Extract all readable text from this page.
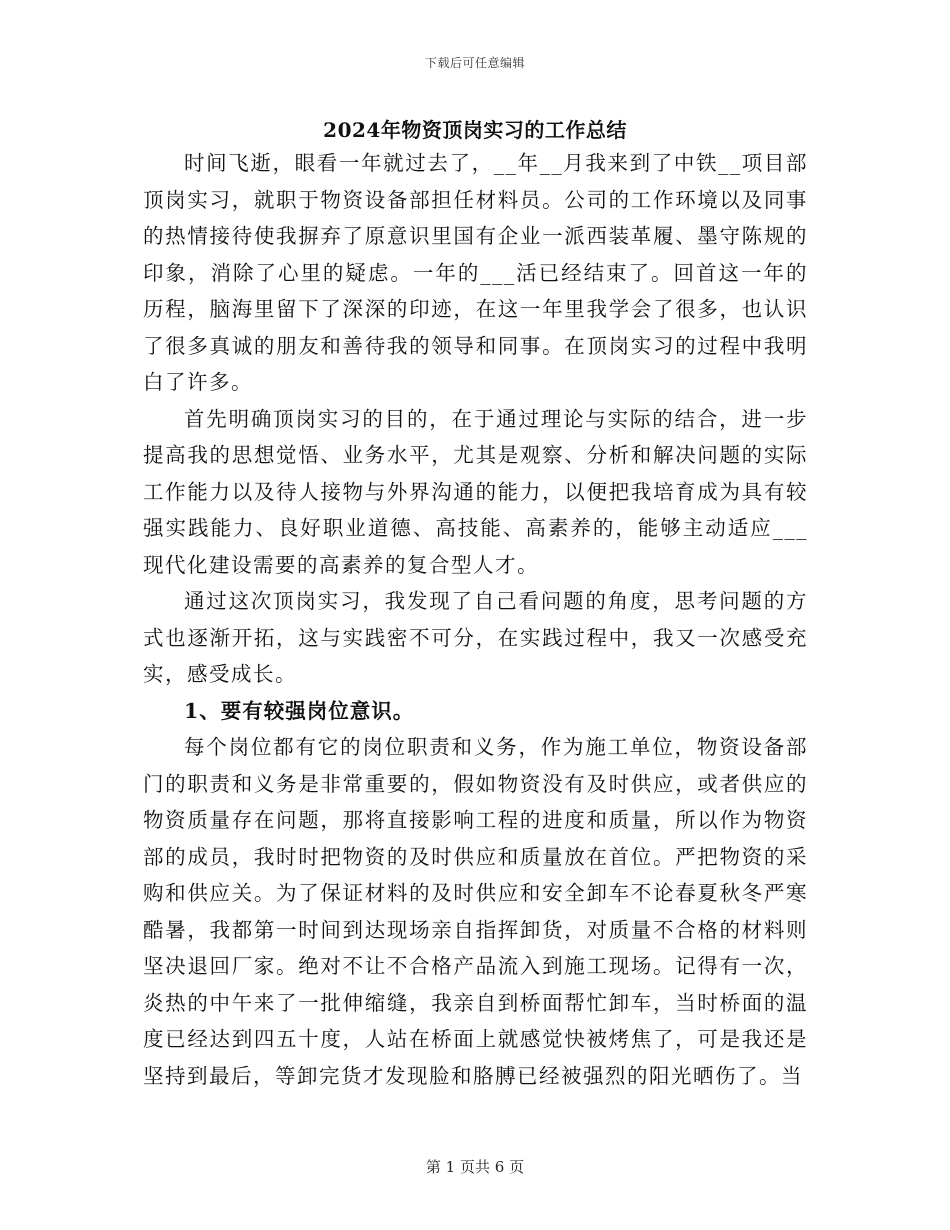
下载后可任意编辑
2024年物资顶岗实习的工作总结

时间飞逝，眼看一年就过去了，__年__月我来到了中铁__项目部顶岗实习，就职于物资设备部担任材料员。公司的工作环境以及同事的热情接待使我摒弃了原意识里国有企业一派西装革履、墨守陈规的印象，消除了心里的疑虑。一年的___活已经结束了。回首这一年的历程，脑海里留下了深深的印迹，在这一年里我学会了很多，也认识了很多真诚的朋友和善待我的领导和同事。在顶岗实习的过程中我明白了许多。

首先明确顶岗实习的目的，在于通过理论与实际的结合，进一步提高我的思想觉悟、业务水平，尤其是观察、分析和解决问题的实际工作能力以及待人接物与外界沟通的能力，以便把我培育成为具有较强实践能力、良好职业道德、高技能、高素养的，能够主动适应___现代化建设需要的高素养的复合型人才。

通过这次顶岗实习，我发现了自己看问题的角度，思考问题的方式也逐渐开拓，这与实践密不可分，在实践过程中，我又一次感受充实，感受成长。

1、要有较强岗位意识。

每个岗位都有它的岗位职责和义务，作为施工单位，物资设备部门的职责和义务是非常重要的，假如物资没有及时供应，或者供应的物资质量存在问题，那将直接影响工程的进度和质量，所以作为物资部的成员，我时时把物资的及时供应和质量放在首位。严把物资的采购和供应关。为了保证材料的及时供应和安全卸车不论春夏秋冬严寒酷暑，我都第一时间到达现场亲自指挥卸货，对质量不合格的材料则坚决退回厂家。绝对不让不合格产品流入到施工现场。记得有一次，炎热的中午来了一批伸缩缝，我亲自到桥面帮忙卸车，当时桥面的温度已经达到四五十度，人站在桥面上就感觉快被烤焦了，可是我还是坚持到最后，等卸完货才发现脸和胳膊已经被强烈的阳光晒伤了。当

第 1 页共 6 页
